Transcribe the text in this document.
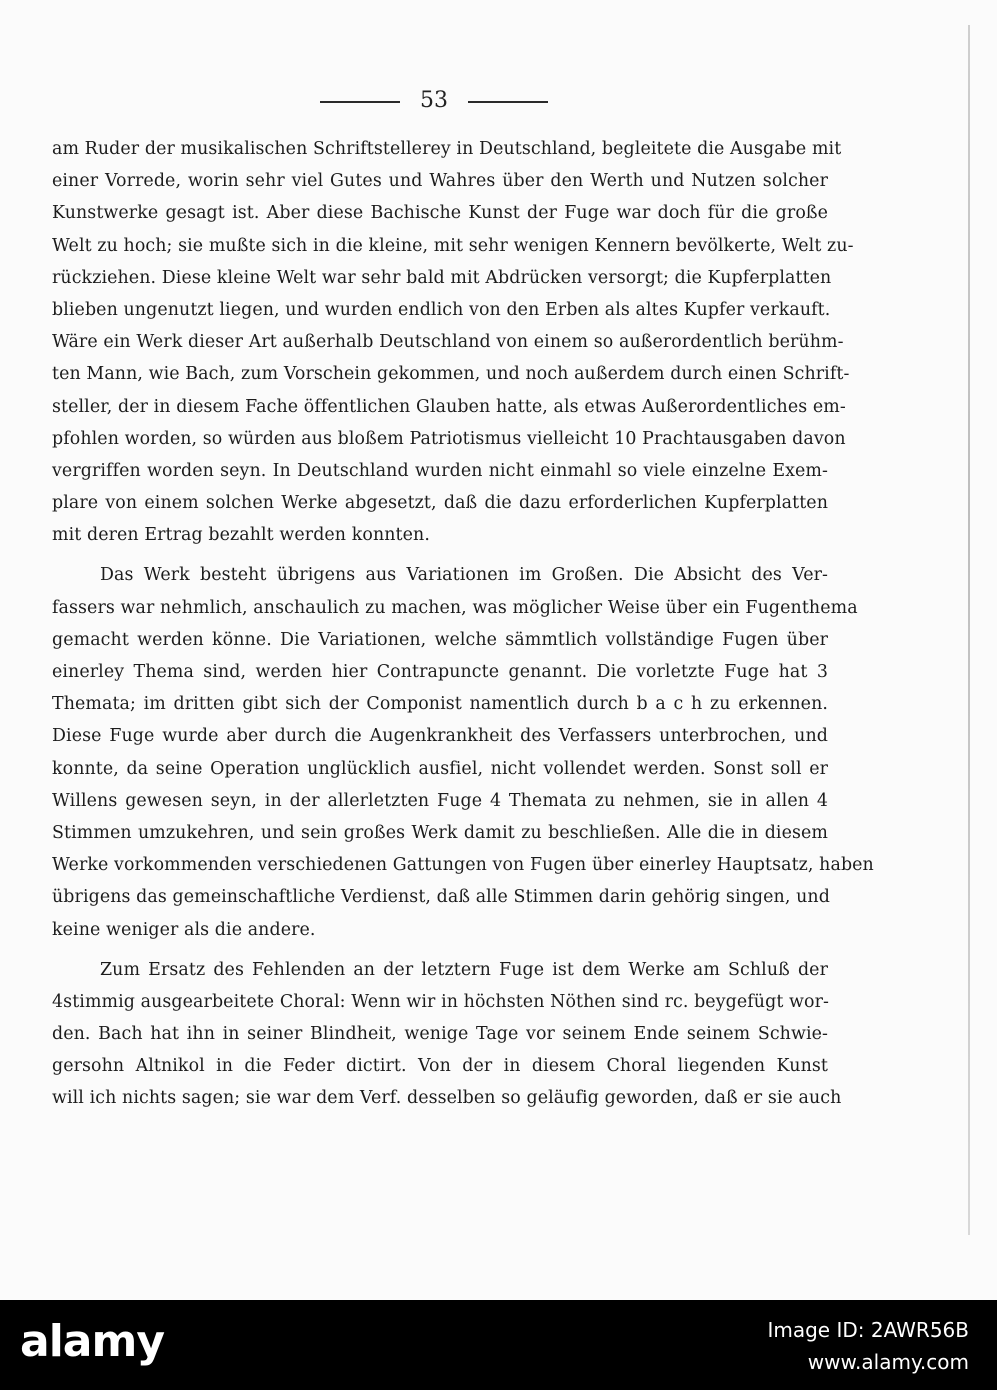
53
am Ruder der musikalischen Schriftstellerey in Deutschland, begleitete die Ausgabe mit
einer Vorrede, worin sehr viel Gutes und Wahres über den Werth und Nutzen solcher
Kunstwerke gesagt ist. Aber diese Bachische Kunst der Fuge war doch für die große
Welt zu hoch; sie mußte sich in die kleine, mit sehr wenigen Kennern bevölkerte, Welt zu-
rückziehen. Diese kleine Welt war sehr bald mit Abdrücken versorgt; die Kupferplatten
blieben ungenutzt liegen, und wurden endlich von den Erben als altes Kupfer verkauft.
Wäre ein Werk dieser Art außerhalb Deutschland von einem so außerordentlich berühm-
ten Mann, wie Bach, zum Vorschein gekommen, und noch außerdem durch einen Schrift-
steller, der in diesem Fache öffentlichen Glauben hatte, als etwas Außerordentliches em-
pfohlen worden, so würden aus bloßem Patriotismus vielleicht 10 Prachtausgaben davon
vergriffen worden seyn. In Deutschland wurden nicht einmahl so viele einzelne Exem-
plare von einem solchen Werke abgesetzt, daß die dazu erforderlichen Kupferplatten
mit deren Ertrag bezahlt werden konnten.
Das Werk besteht übrigens aus Variationen im Großen. Die Absicht des Ver-
fassers war nehmlich, anschaulich zu machen, was möglicher Weise über ein Fugenthema
gemacht werden könne. Die Variationen, welche sämmtlich vollständige Fugen über
einerley Thema sind, werden hier Contrapuncte genannt. Die vorletzte Fuge hat 3
Themata; im dritten gibt sich der Componist namentlich durch b a c h zu erkennen.
Diese Fuge wurde aber durch die Augenkrankheit des Verfassers unterbrochen, und
konnte, da seine Operation unglücklich ausfiel, nicht vollendet werden. Sonst soll er
Willens gewesen seyn, in der allerletzten Fuge 4 Themata zu nehmen, sie in allen 4
Stimmen umzukehren, und sein großes Werk damit zu beschließen. Alle die in diesem
Werke vorkommenden verschiedenen Gattungen von Fugen über einerley Hauptsatz, haben
übrigens das gemeinschaftliche Verdienst, daß alle Stimmen darin gehörig singen, und
keine weniger als die andere.
Zum Ersatz des Fehlenden an der letztern Fuge ist dem Werke am Schluß der
4stimmig ausgearbeitete Choral: Wenn wir in höchsten Nöthen sind rc. beygefügt wor-
den. Bach hat ihn in seiner Blindheit, wenige Tage vor seinem Ende seinem Schwie-
gersohn Altnikol in die Feder dictirt. Von der in diesem Choral liegenden Kunst
will ich nichts sagen; sie war dem Verf. desselben so geläufig geworden, daß er sie auch
alamy	Image ID: 2AWR56B
www.alamy.com
